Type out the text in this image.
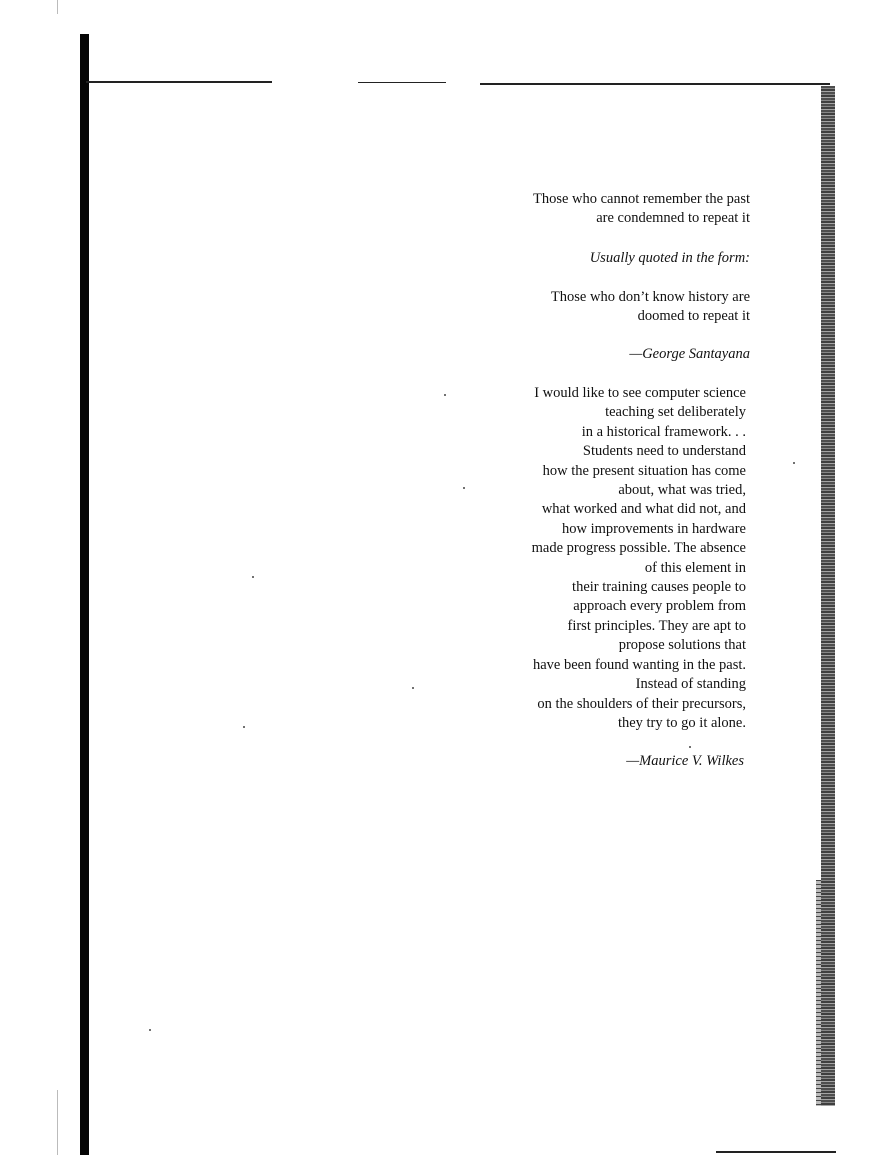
Those who cannot remember the past
are condemned to repeat it
Usually quoted in the form:
Those who don’t know history are
doomed to repeat it
—George Santayana
I would like to see computer science
teaching set deliberately
in a historical framework. . .
Students need to understand
how the present situation has come
about, what was tried,
what worked and what did not, and
how improvements in hardware
made progress possible. The absence
of this element in
their training causes people to
approach every problem from
first principles. They are apt to
propose solutions that
have been found wanting in the past.
Instead of standing
on the shoulders of their precursors,
they try to go it alone.
—Maurice V. Wilkes
